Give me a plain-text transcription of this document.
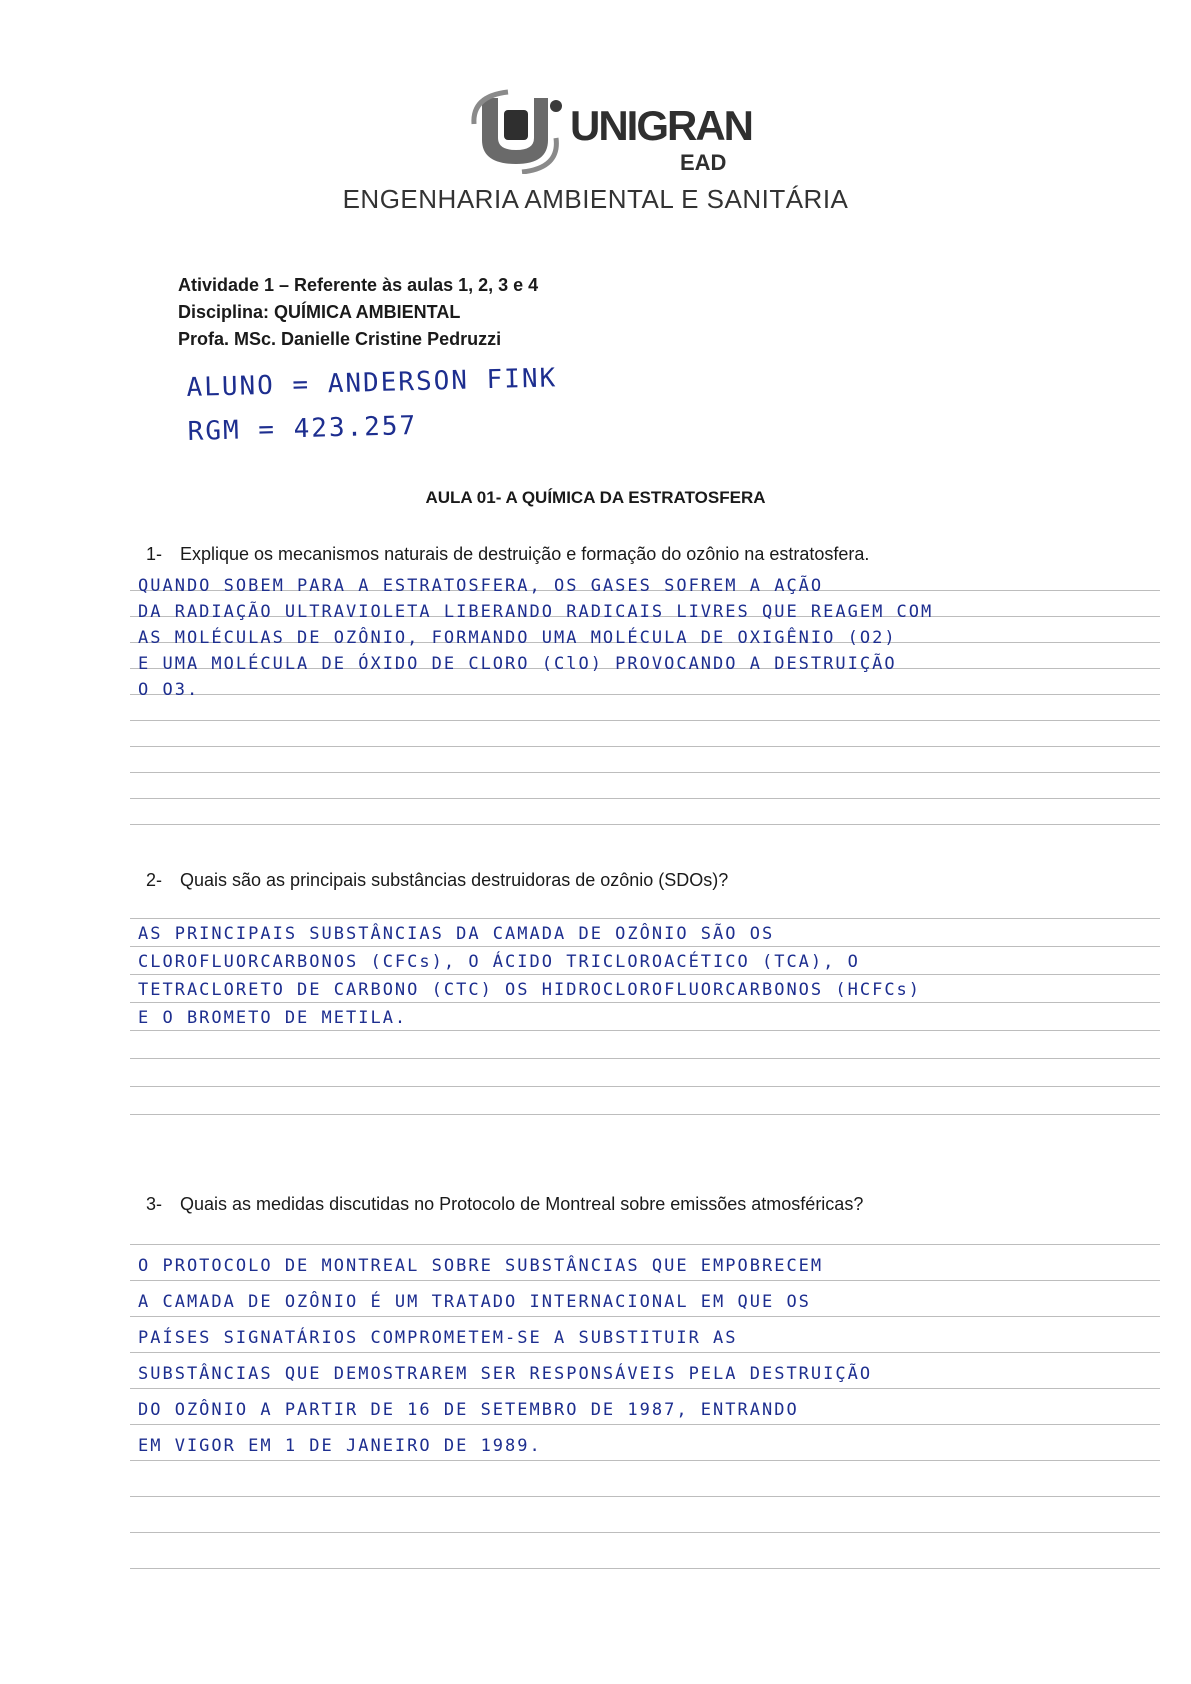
UNIGRAN
EAD
ENGENHARIA AMBIENTAL E SANITÁRIA
Atividade 1 – Referente às aulas 1, 2, 3 e 4
Disciplina: QUÍMICA AMBIENTAL
Profa. MSc. Danielle Cristine Pedruzzi
ALUNO = ANDERSON FINK
RGM = 423.257
AULA 01- A QUÍMICA DA ESTRATOSFERA
1- Explique os mecanismos naturais de destruição e formação do ozônio na estratosfera.
QUANDO SOBEM PARA A ESTRATOSFERA, OS GASES SOFREM A AÇÃO
DA RADIAÇÃO ULTRAVIOLETA LIBERANDO RADICAIS LIVRES QUE REAGEM COM
AS MOLÉCULAS DE OZÔNIO, FORMANDO UMA MOLÉCULA DE OXIGÊNIO (O2)
E UMA MOLÉCULA DE ÓXIDO DE CLORO (ClO) PROVOCANDO A DESTRUIÇÃO
O O3.
2- Quais são as principais substâncias destruidoras de ozônio (SDOs)?
AS PRINCIPAIS SUBSTÂNCIAS DA CAMADA DE OZÔNIO SÃO OS
CLOROFLUORCARBONOS (CFCs), O ÁCIDO TRICLOROACÉTICO (TCA), O
TETRACLORETO DE CARBONO (CTC) OS HIDROCLOROFLUORCARBONOS (HCFCs)
E O BROMETO DE METILA.
3- Quais as medidas discutidas no Protocolo de Montreal sobre emissões atmosféricas?
O PROTOCOLO DE MONTREAL SOBRE SUBSTÂNCIAS QUE EMPOBRECEM
A CAMADA DE OZÔNIO É UM TRATADO INTERNACIONAL EM QUE OS
PAÍSES SIGNATÁRIOS COMPROMETEM-SE A SUBSTITUIR AS
SUBSTÂNCIAS QUE DEMOSTRAREM SER RESPONSÁVEIS PELA DESTRUIÇÃO
DO OZÔNIO A PARTIR DE 16 DE SETEMBRO DE 1987, ENTRANDO
EM VIGOR EM 1 DE JANEIRO DE 1989.
